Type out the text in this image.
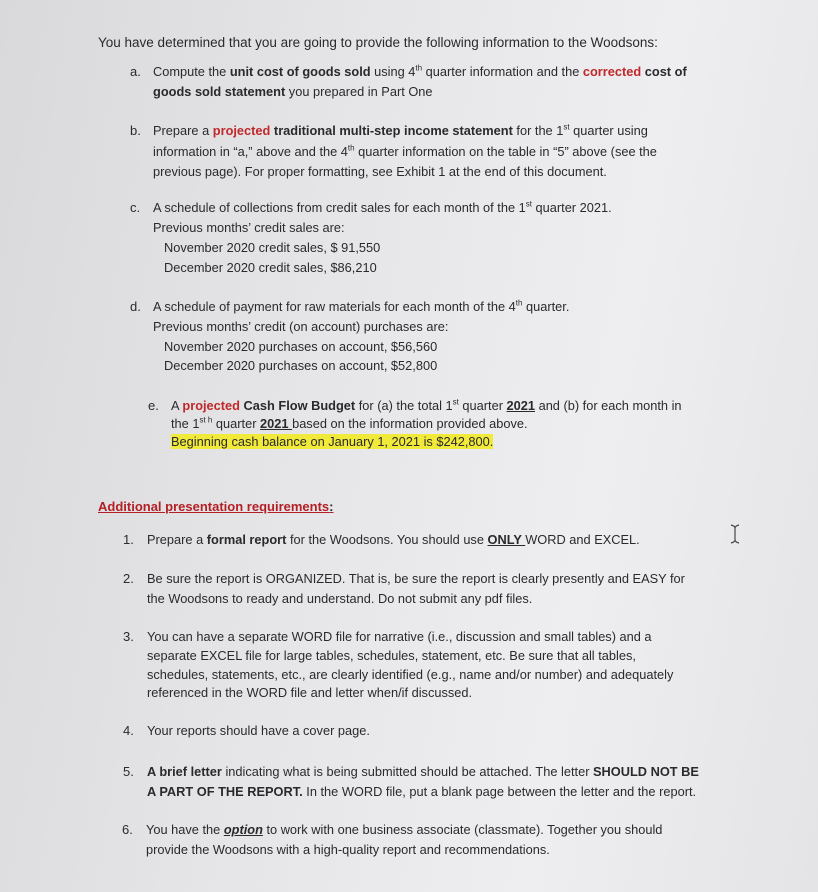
You have determined that you are going to provide the following information to the Woodsons:
a. Compute the unit cost of goods sold using 4th quarter information and the corrected cost of
goods sold statement you prepared in Part One
b. Prepare a projected traditional multi-step income statement for the 1st quarter using
information in “a,” above and the 4th quarter information on the table in “5” above (see the
previous page). For proper formatting, see Exhibit 1 at the end of this document.
c. A schedule of collections from credit sales for each month of the 1st quarter 2021.
Previous months’ credit sales are:
November 2020 credit sales, $ 91,550
December 2020 credit sales, $86,210
d. A schedule of payment for raw materials for each month of the 4th quarter.
Previous months’ credit (on account) purchases are:
November 2020 purchases on account, $56,560
December 2020 purchases on account, $52,800
e. A projected Cash Flow Budget for (a) the total 1st quarter 2021 and (b) for each month in
the $1^{st h}$ quarter 2021 based on the information provided above.
Beginning cash balance on January 1, 2021 is $242,800.
Additional presentation requirements:
1. Prepare a formal report for the Woodsons. You should use ONLY WORD and EXCEL.
2. Be sure the report is ORGANIZED. That is, be sure the report is clearly presently and EASY for
the Woodsons to ready and understand. Do not submit any pdf files.
3. You can have a separate WORD file for narrative (i.e., discussion and small tables) and a
separate EXCEL file for large tables, schedules, statement, etc. Be sure that all tables,
schedules, statements, etc., are clearly identified (e.g., name and/or number) and adequately
referenced in the WORD file and letter when/if discussed.
4. Your reports should have a cover page.
5. A brief letter indicating what is being submitted should be attached. The letter SHOULD NOT BE
A PART OF THE REPORT. In the WORD file, put a blank page between the letter and the report.
6. You have the option to work with one business associate (classmate). Together you should
provide the Woodsons with a high-quality report and recommendations.
